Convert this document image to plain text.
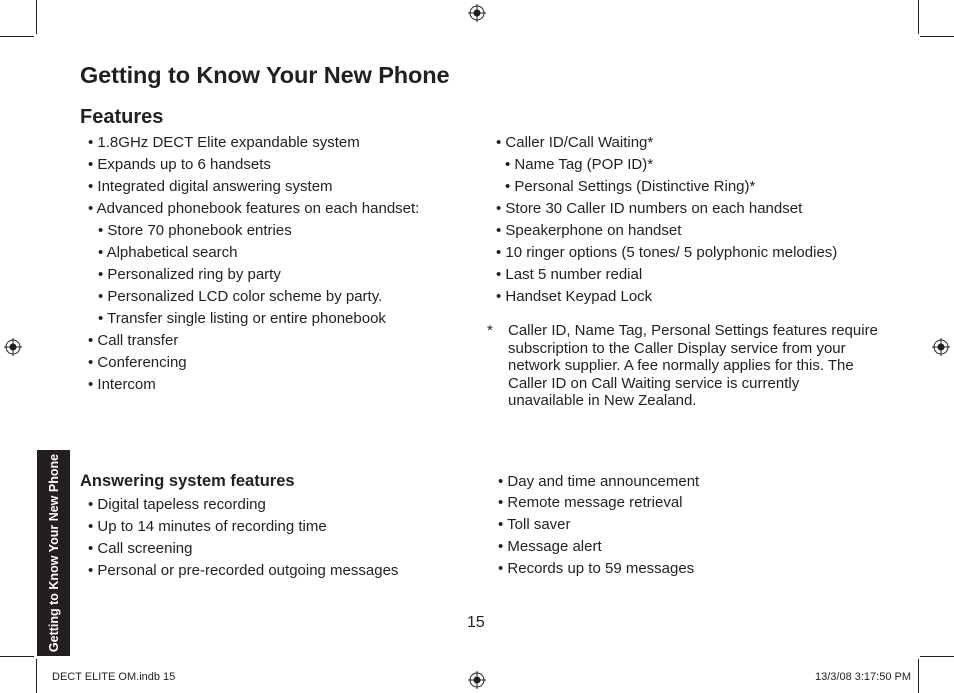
Getting to Know Your New Phone
Features
• 1.8GHz DECT Elite expandable system
• Expands up to 6 handsets
• Integrated digital answering system
• Advanced phonebook features on each handset:
• Store 70 phonebook entries
• Alphabetical search
• Personalized ring by party
• Personalized LCD color scheme by party.
• Transfer single listing or entire phonebook
• Call transfer
• Conferencing
• Intercom
• Caller ID/Call Waiting*
• Name Tag (POP ID)*
• Personal Settings (Distinctive Ring)*
• Store 30 Caller ID numbers on each handset
• Speakerphone on handset
• 10 ringer options (5 tones/ 5 polyphonic melodies)
• Last 5 number redial
• Handset Keypad Lock
* Caller ID, Name Tag, Personal Settings features require subscription to the Caller Display service from your network supplier. A fee normally applies for this. The Caller ID on Call Waiting service is currently unavailable in New Zealand.
Answering system features
• Digital tapeless recording
• Up to 14 minutes of recording time
• Call screening
• Personal or pre-recorded outgoing messages
• Day and time announcement
• Remote message retrieval
• Toll saver
• Message alert
• Records up to 59 messages
Getting to Know Your New Phone	15
DECT ELITE OM.indb 15	13/3/08 3:17:50 PM
